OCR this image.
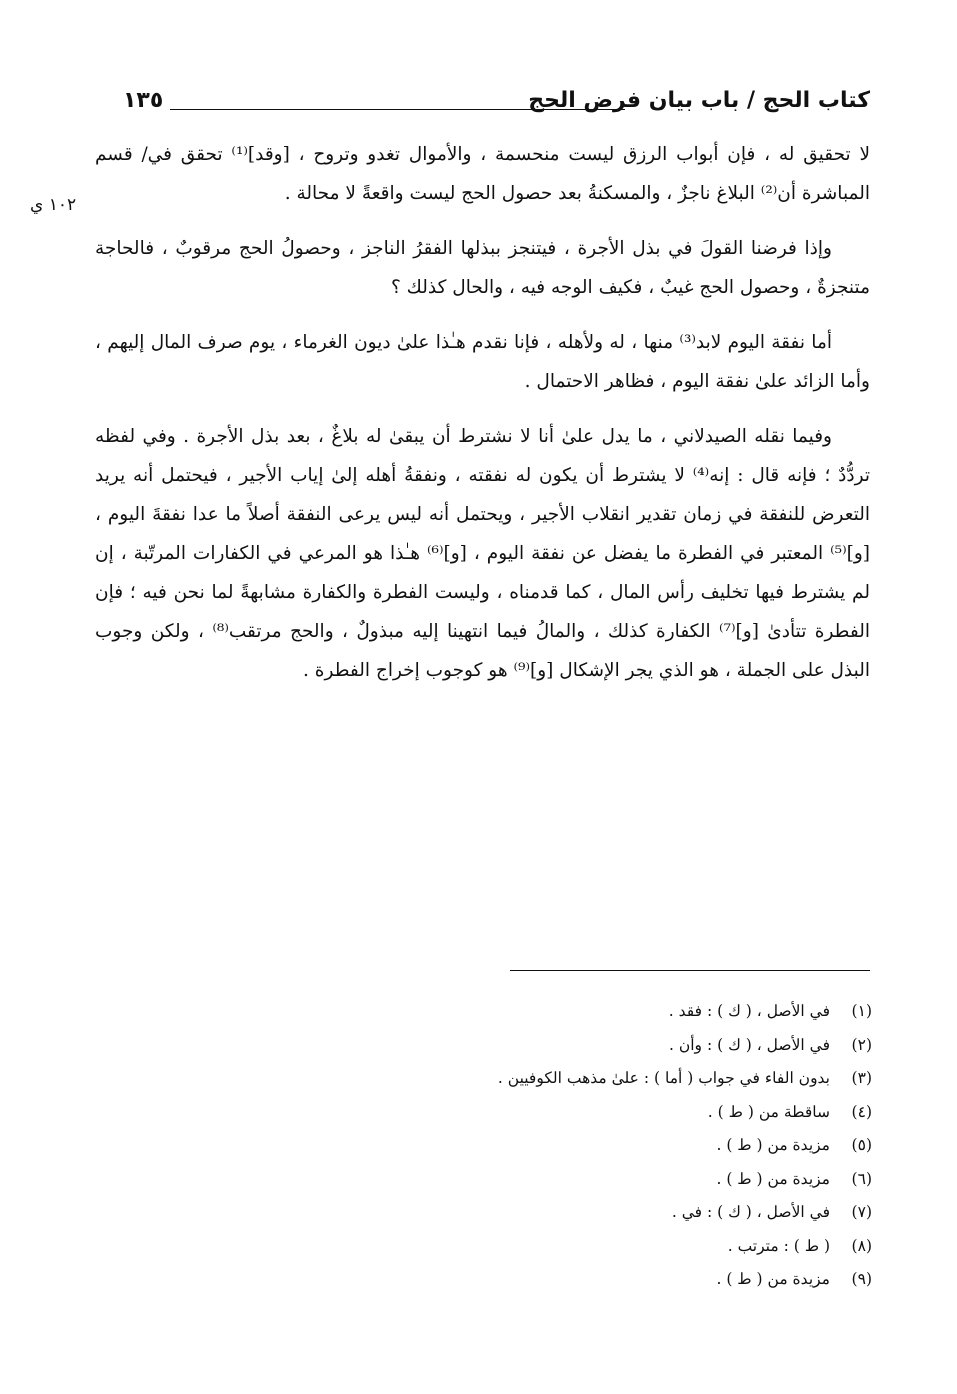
كتاب الحج / باب بيان فرض الحج
١٣٥
١٠٢ ي

لا تحقيق له ، فإن أبواب الرزق ليست منحسمة ، والأموال تغدو وتروح ، [وقد]⁽¹⁾ تحقق في/ قسم المباشرة أن⁽²⁾ البلاغ ناجزٌ ، والمسكنةُ بعد حصول الحج ليست واقعةً لا محالة .

وإذا فرضنا القولَ في بذل الأجرة ، فيتنجز ببذلها الفقرُ الناجز ، وحصولُ الحج مرقوبٌ ، فالحاجة متنجزةٌ ، وحصول الحج غيبٌ ، فكيف الوجه فيه ، والحال كذلك ؟

أما نفقة اليوم لابد⁽³⁾ منها ، له ولأهله ، فإنا نقدم هـٰذا علىٰ ديون الغرماء ، يوم صرف المال إليهم ، وأما الزائد علىٰ نفقة اليوم ، فظاهر الاحتمال .

وفيما نقله الصيدلاني ، ما يدل علىٰ أنا لا نشترط أن يبقىٰ له بلاغٌ ، بعد بذل الأجرة . وفي لفظه تردُّدٌ ؛ فإنه قال : إنه⁽⁴⁾ لا يشترط أن يكون له نفقته ، ونفقةُ أهله إلىٰ إياب الأجير ، فيحتمل أنه يريد التعرض للنفقة في زمان تقدير انقلاب الأجير ، ويحتمل أنه ليس يرعى النفقة أصلاً ما عدا نفقةَ اليوم ، [و]⁽⁵⁾ المعتبر في الفطرة ما يفضل عن نفقة اليوم ، [و]⁽⁶⁾ هـٰذا هو المرعي في الكفارات المرتّبة ، إن لم يشترط فيها تخليف رأس المال ، كما قدمناه ، وليست الفطرة والكفارة مشابهةً لما نحن فيه ؛ فإن الفطرة تتأدىٰ [و]⁽⁷⁾ الكفارة كذلك ، والمالُ فيما انتهينا إليه مبذولٌ ، والحج مرتقب⁽⁸⁾ ، ولكن وجوب البذل على الجملة ، هو الذي يجر الإشكال [و]⁽⁹⁾ هو كوجوب إخراج الفطرة .

(١)في الأصل ، ( ك ) : فقد .
(٢)في الأصل ، ( ك ) : وأن .
(٣)بدون الفاء في جواب ( أما ) : علىٰ مذهب الكوفيين .
(٤)ساقطة من ( ط ) .
(٥)مزيدة من ( ط ) .
(٦)مزيدة من ( ط ) .
(٧)في الأصل ، ( ك ) : في .
(٨)( ط ) : مترتب .
(٩)مزيدة من ( ط ) .
